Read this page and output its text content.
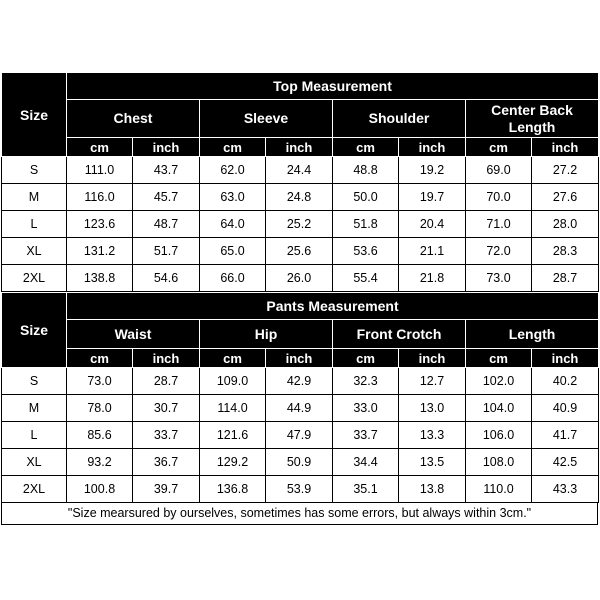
Size	Top Measurement							
	Chest		Sleeve		Shoulder		Center Back Length	
	cm	inch	cm	inch	cm	inch	cm	inch
S	111.0	43.7	62.0	24.4	48.8	19.2	69.0	27.2
M	116.0	45.7	63.0	24.8	50.0	19.7	70.0	27.6
L	123.6	48.7	64.0	25.2	51.8	20.4	71.0	28.0
XL	131.2	51.7	65.0	25.6	53.6	21.1	72.0	28.3
2XL	138.8	54.6	66.0	26.0	55.4	21.8	73.0	28.7
Size	Pants Measurement							
	Waist		Hip		Front Crotch		Length	
	cm	inch	cm	inch	cm	inch	cm	inch
S	73.0	28.7	109.0	42.9	32.3	12.7	102.0	40.2
M	78.0	30.7	114.0	44.9	33.0	13.0	104.0	40.9
L	85.6	33.7	121.6	47.9	33.7	13.3	106.0	41.7
XL	93.2	36.7	129.2	50.9	34.4	13.5	108.0	42.5
2XL	100.8	39.7	136.8	53.9	35.1	13.8	110.0	43.3
"Size mearsured by ourselves, sometimes has some errors, but always within 3cm."
